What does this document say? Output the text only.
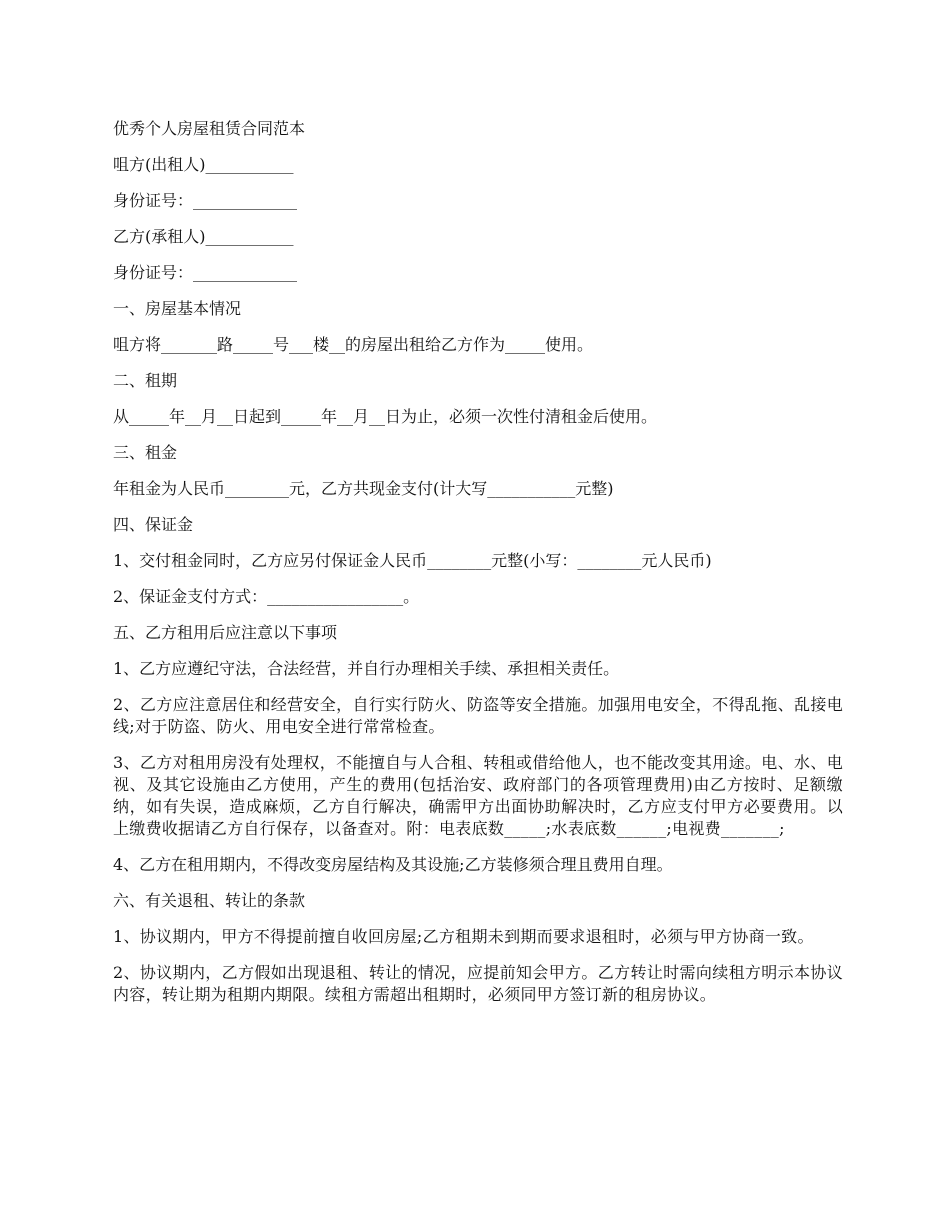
优秀个人房屋租赁合同范本
咀方(出租人)___________
身份证号：_____________
乙方(承租人)___________
身份证号：_____________
一、房屋基本情况
咀方将_______路_____号___楼__的房屋出租给乙方作为_____使用。
二、租期
从_____年__月__日起到_____年__月__日为止，必须一次性付清租金后使用。
三、租金
年租金为人民币________元，乙方共现金支付(计大写___________元整)
四、保证金
1、交付租金同时，乙方应另付保证金人民币________元整(小写：________元人民币)
2、保证金支付方式：_________________。
五、乙方租用后应注意以下事项
1、乙方应遵纪守法，合法经营，并自行办理相关手续、承担相关责任。
2、乙方应注意居住和经营安全，自行实行防火、防盗等安全措施。加强用电安全，不得乱拖、乱接电线;对于防盗、防火、用电安全进行常常检查。
3、乙方对租用房没有处理权，不能擅自与人合租、转租或借给他人，也不能改变其用途。电、水、电视、及其它设施由乙方使用，产生的费用(包括治安、政府部门的各项管理费用)由乙方按时、足额缴纳，如有失误，造成麻烦，乙方自行解决，确需甲方出面协助解决时，乙方应支付甲方必要费用。以上缴费收据请乙方自行保存，以备查对。附：电表底数_____;水表底数______;电视费_______;
4、乙方在租用期内，不得改变房屋结构及其设施;乙方装修须合理且费用自理。
六、有关退租、转让的条款
1、协议期内，甲方不得提前擅自收回房屋;乙方租期未到期而要求退租时，必须与甲方协商一致。
2、协议期内，乙方假如出现退租、转让的情况，应提前知会甲方。乙方转让时需向续租方明示本协议内容，转让期为租期内期限。续租方需超出租期时，必须同甲方签订新的租房协议。
